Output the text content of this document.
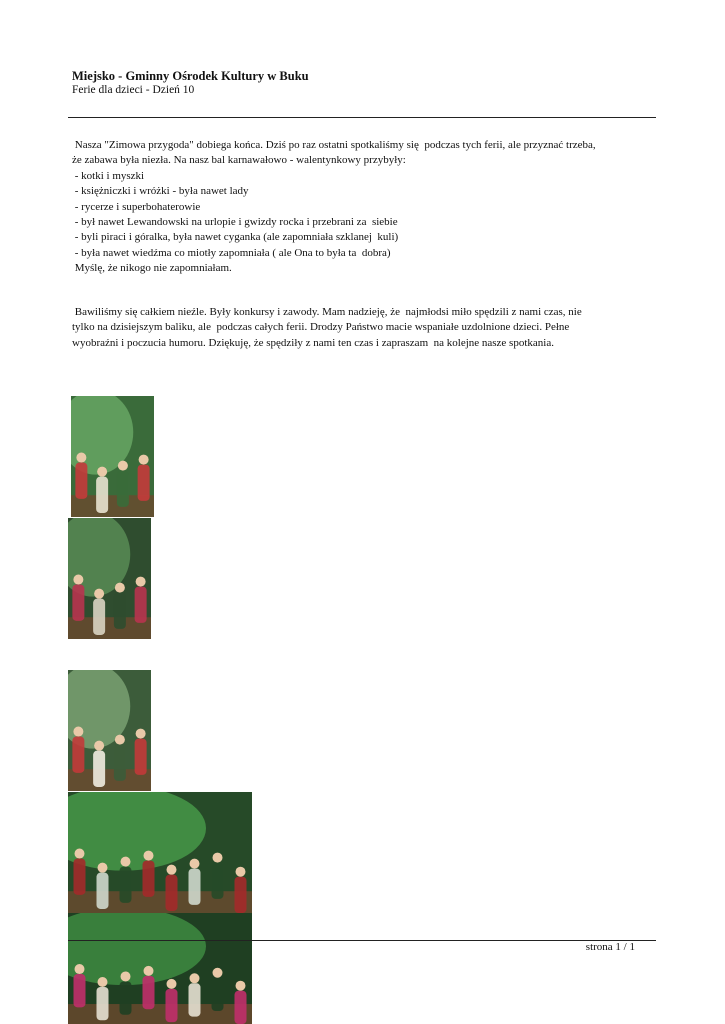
Miejsko - Gminny Ośrodek Kultury w Buku
Ferie dla dzieci - Dzień 10

Nasza "Zimowa przygoda" dobiega końca. Dziś po raz ostatni spotkaliśmy się  podczas tych ferii, ale przyznać trzeba,

że zabawa była niezła. Na nasz bal karnawałowo - walentynkowy przybyły:

- kotki i myszki
- księżniczki i wróżki - była nawet lady
- rycerze i superbohaterowie
- był nawet Lewandowski na urlopie i gwizdy rocka i przebrani za  siebie
- byli piraci i góralka, była nawet cyganka (ale zapomniała szklanej  kuli)
- była nawet wiedźma co miotły zapomniała ( ale Ona to była ta  dobra)

Myślę, że nikogo nie zapomniałam.

Bawiliśmy się całkiem nieźle. Były konkursy i zawody. Mam nadzieję, że  najmłodsi miło spędzili z nami czas, nie

tylko na dzisiejszym baliku, ale  podczas całych ferii. Drodzy Państwo macie wspaniałe uzdolnione dzieci. Pełne

wyobraźni i poczucia humoru. Dziękuję, że spędziły z nami ten czas i zapraszam  na kolejne nasze spotkania.

strona 1 / 1
